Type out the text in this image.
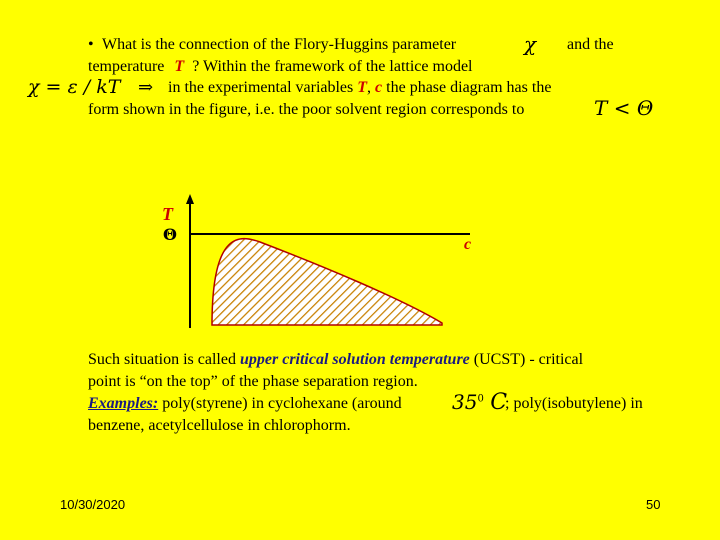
• What is the connection of the Flory-Huggins parameter	χ and the
temperature T ? Within the framework of the lattice model
χ = ε / kT ⇒ in the experimental variables T, c the phase diagram has the
form shown in the figure, i.e. the poor solvent region corresponds to	T < Θ
T
Θ
c
Such situation is called upper critical solution temperature (UCST) - critical
point is “on the top” of the phase separation region.
Examples: poly(styrene) in cyclohexane (around	$35^0$ C
; poly(isobutylene) in
benzene, acetylcellulose in chlorophorm.
10/30/2020	50
